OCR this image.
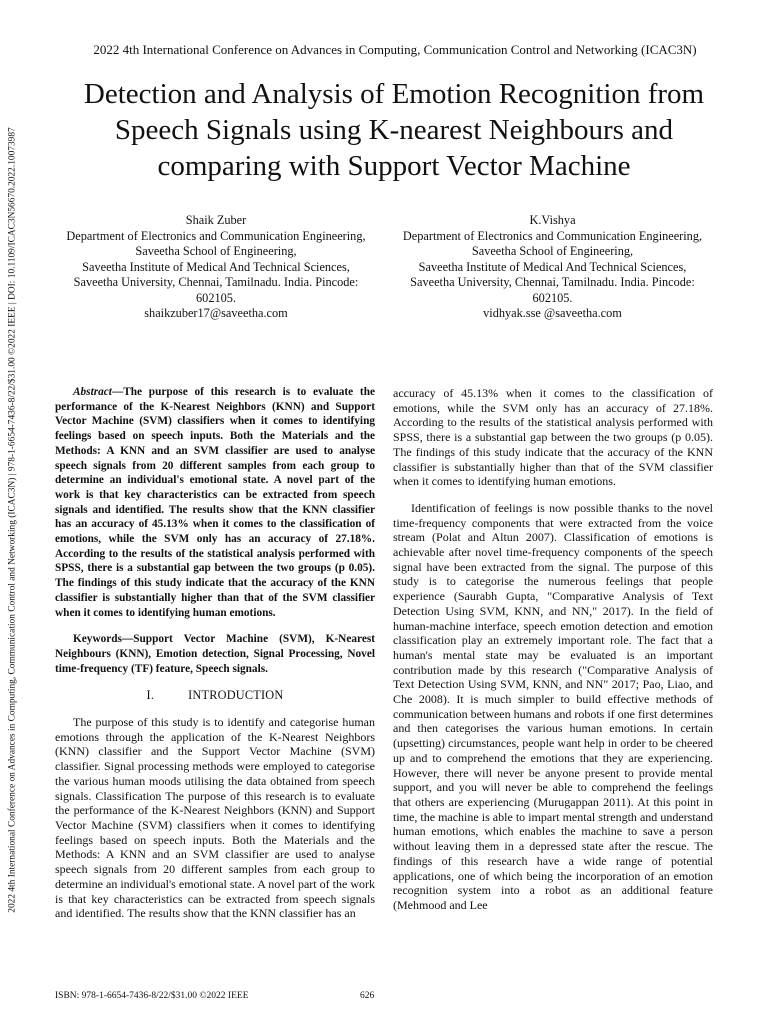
2022 4th International Conference on Advances in Computing, Communication Control and Networking (ICAC3N) | 978-1-6654-7436-8/22/$31.00 ©2022 IEEE | DOI: 10.1109/ICAC3N56670.2022.10073987
2022 4th International Conference on Advances in Computing, Communication Control and Networking (ICAC3N)
Detection and Analysis of Emotion Recognition from
Speech Signals using K-nearest Neighbours and
comparing with Support Vector Machine
Shaik Zuber
Department of Electronics and Communication Engineering,
Saveetha School of Engineering,
Saveetha Institute of Medical And Technical Sciences,
Saveetha University, Chennai, Tamilnadu. India. Pincode:
602105.
shaikzuber17@saveetha.com
K.Vishya
Department of Electronics and Communication Engineering,
Saveetha School of Engineering,
Saveetha Institute of Medical And Technical Sciences,
Saveetha University, Chennai, Tamilnadu. India. Pincode:
602105.
vidhyak.sse @saveetha.com

Abstract—The purpose of this research is to evaluate the performance of the K-Nearest Neighbors (KNN) and Support Vector Machine (SVM) classifiers when it comes to identifying feelings based on speech inputs. Both the Materials and the Methods: A KNN and an SVM classifier are used to analyse speech signals from 20 different samples from each group to determine an individual's emotional state. A novel part of the work is that key characteristics can be extracted from speech signals and identified. The results show that the KNN classifier has an accuracy of 45.13% when it comes to the classification of emotions, while the SVM only has an accuracy of 27.18%. According to the results of the statistical analysis performed with SPSS, there is a substantial gap between the two groups (p 0.05). The findings of this study indicate that the accuracy of the KNN classifier is substantially higher than that of the SVM classifier when it comes to identifying human emotions.

Keywords—Support Vector Machine (SVM), K-Nearest Neighbours (KNN), Emotion detection, Signal Processing, Novel time-frequency (TF) feature, Speech signals.

I.	INTRODUCTION

The purpose of this study is to identify and categorise human emotions through the application of the K-Nearest Neighbors (KNN) classifier and the Support Vector Machine (SVM) classifier. Signal processing methods were employed to categorise the various human moods utilising the data obtained from speech signals. Classification The purpose of this research is to evaluate the performance of the K-Nearest Neighbors (KNN) and Support Vector Machine (SVM) classifiers when it comes to identifying feelings based on speech inputs. Both the Materials and the Methods: A KNN and an SVM classifier are used to analyse speech signals from 20 different samples from each group to determine an individual's emotional state. A novel part of the work is that key characteristics can be extracted from speech signals and identified. The results show that the KNN classifier has an

accuracy of 45.13% when it comes to the classification of emotions, while the SVM only has an accuracy of 27.18%. According to the results of the statistical analysis performed with SPSS, there is a substantial gap between the two groups (p 0.05). The findings of this study indicate that the accuracy of the KNN classifier is substantially higher than that of the SVM classifier when it comes to identifying human emotions.

Identification of feelings is now possible thanks to the novel time-frequency components that were extracted from the voice stream (Polat and Altun 2007). Classification of emotions is achievable after novel time-frequency components of the speech signal have been extracted from the signal. The purpose of this study is to categorise the numerous feelings that people experience (Saurabh Gupta, "Comparative Analysis of Text Detection Using SVM, KNN, and NN," 2017). In the field of human-machine interface, speech emotion detection and emotion classification play an extremely important role. The fact that a human's mental state may be evaluated is an important contribution made by this research ("Comparative Analysis of Text Detection Using SVM, KNN, and NN" 2017; Pao, Liao, and Che 2008). It is much simpler to build effective methods of communication between humans and robots if one first determines and then categorises the various human emotions. In certain (upsetting) circumstances, people want help in order to be cheered up and to comprehend the emotions that they are experiencing. However, there will never be anyone present to provide mental support, and you will never be able to comprehend the feelings that others are experiencing (Murugappan 2011). At this point in time, the machine is able to impart mental strength and understand human emotions, which enables the machine to save a person without leaving them in a depressed state after the rescue. The findings of this research have a wide range of potential applications, one of which being the incorporation of an emotion recognition system into a robot as an additional feature (Mehmood and Lee

ISBN: 978-1-6654-7436-8/22/$31.00 ©2022 IEEE	626
